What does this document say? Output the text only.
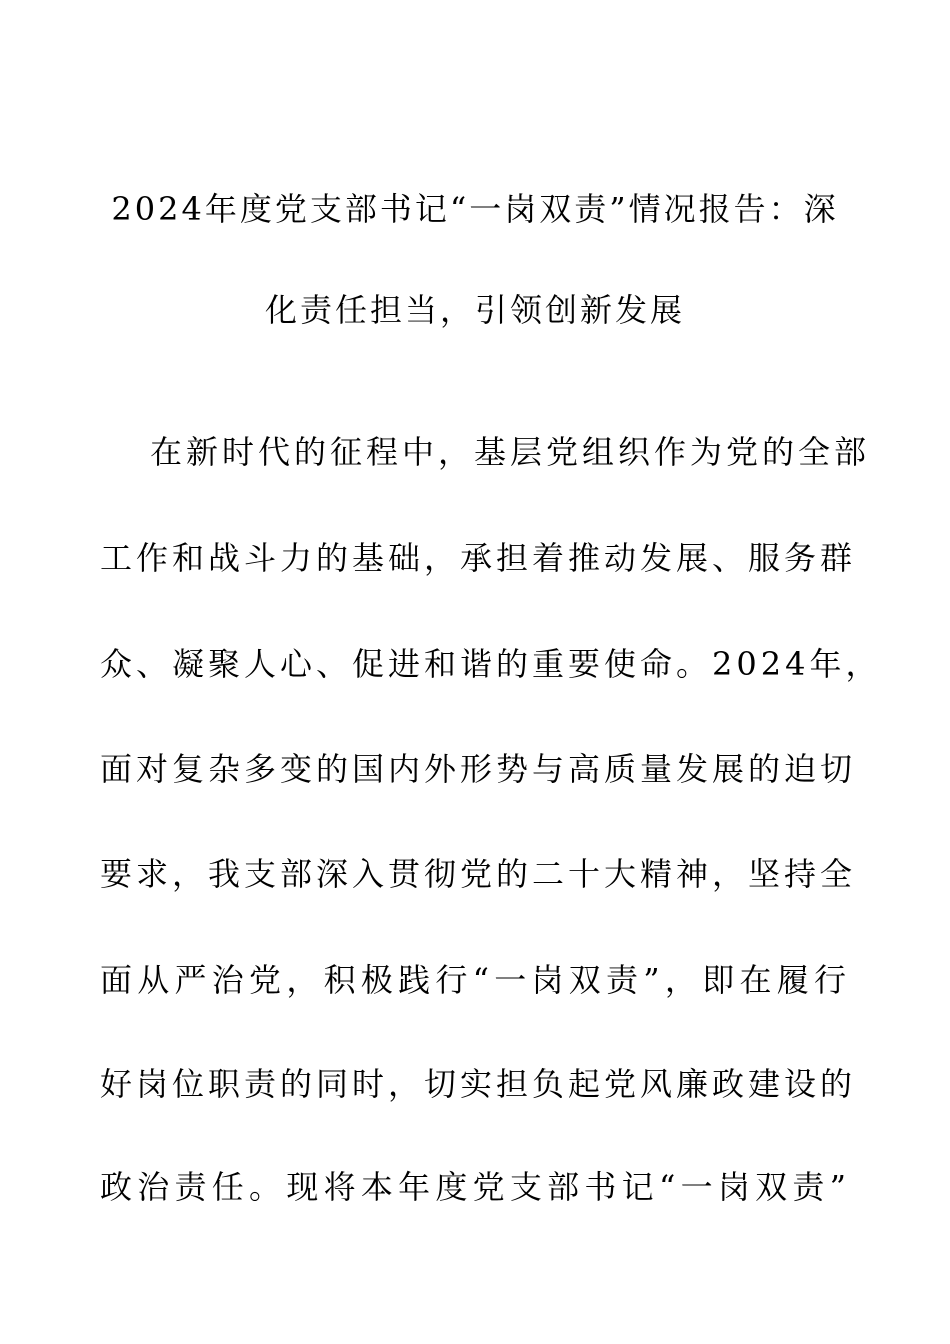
2024年度党支部书记“一岗双责”情况报告：深
化责任担当，引领创新发展

在新时代的征程中，基层党组织作为党的全部

工作和战斗力的基础，承担着推动发展、服务群

众、凝聚人心、促进和谐的重要使命。2024年，

面对复杂多变的国内外形势与高质量发展的迫切

要求，我支部深入贯彻党的二十大精神，坚持全

面从严治党，积极践行“一岗双责”，即在履行

好岗位职责的同时，切实担负起党风廉政建设的

政治责任。现将本年度党支部书记“一岗双责”
